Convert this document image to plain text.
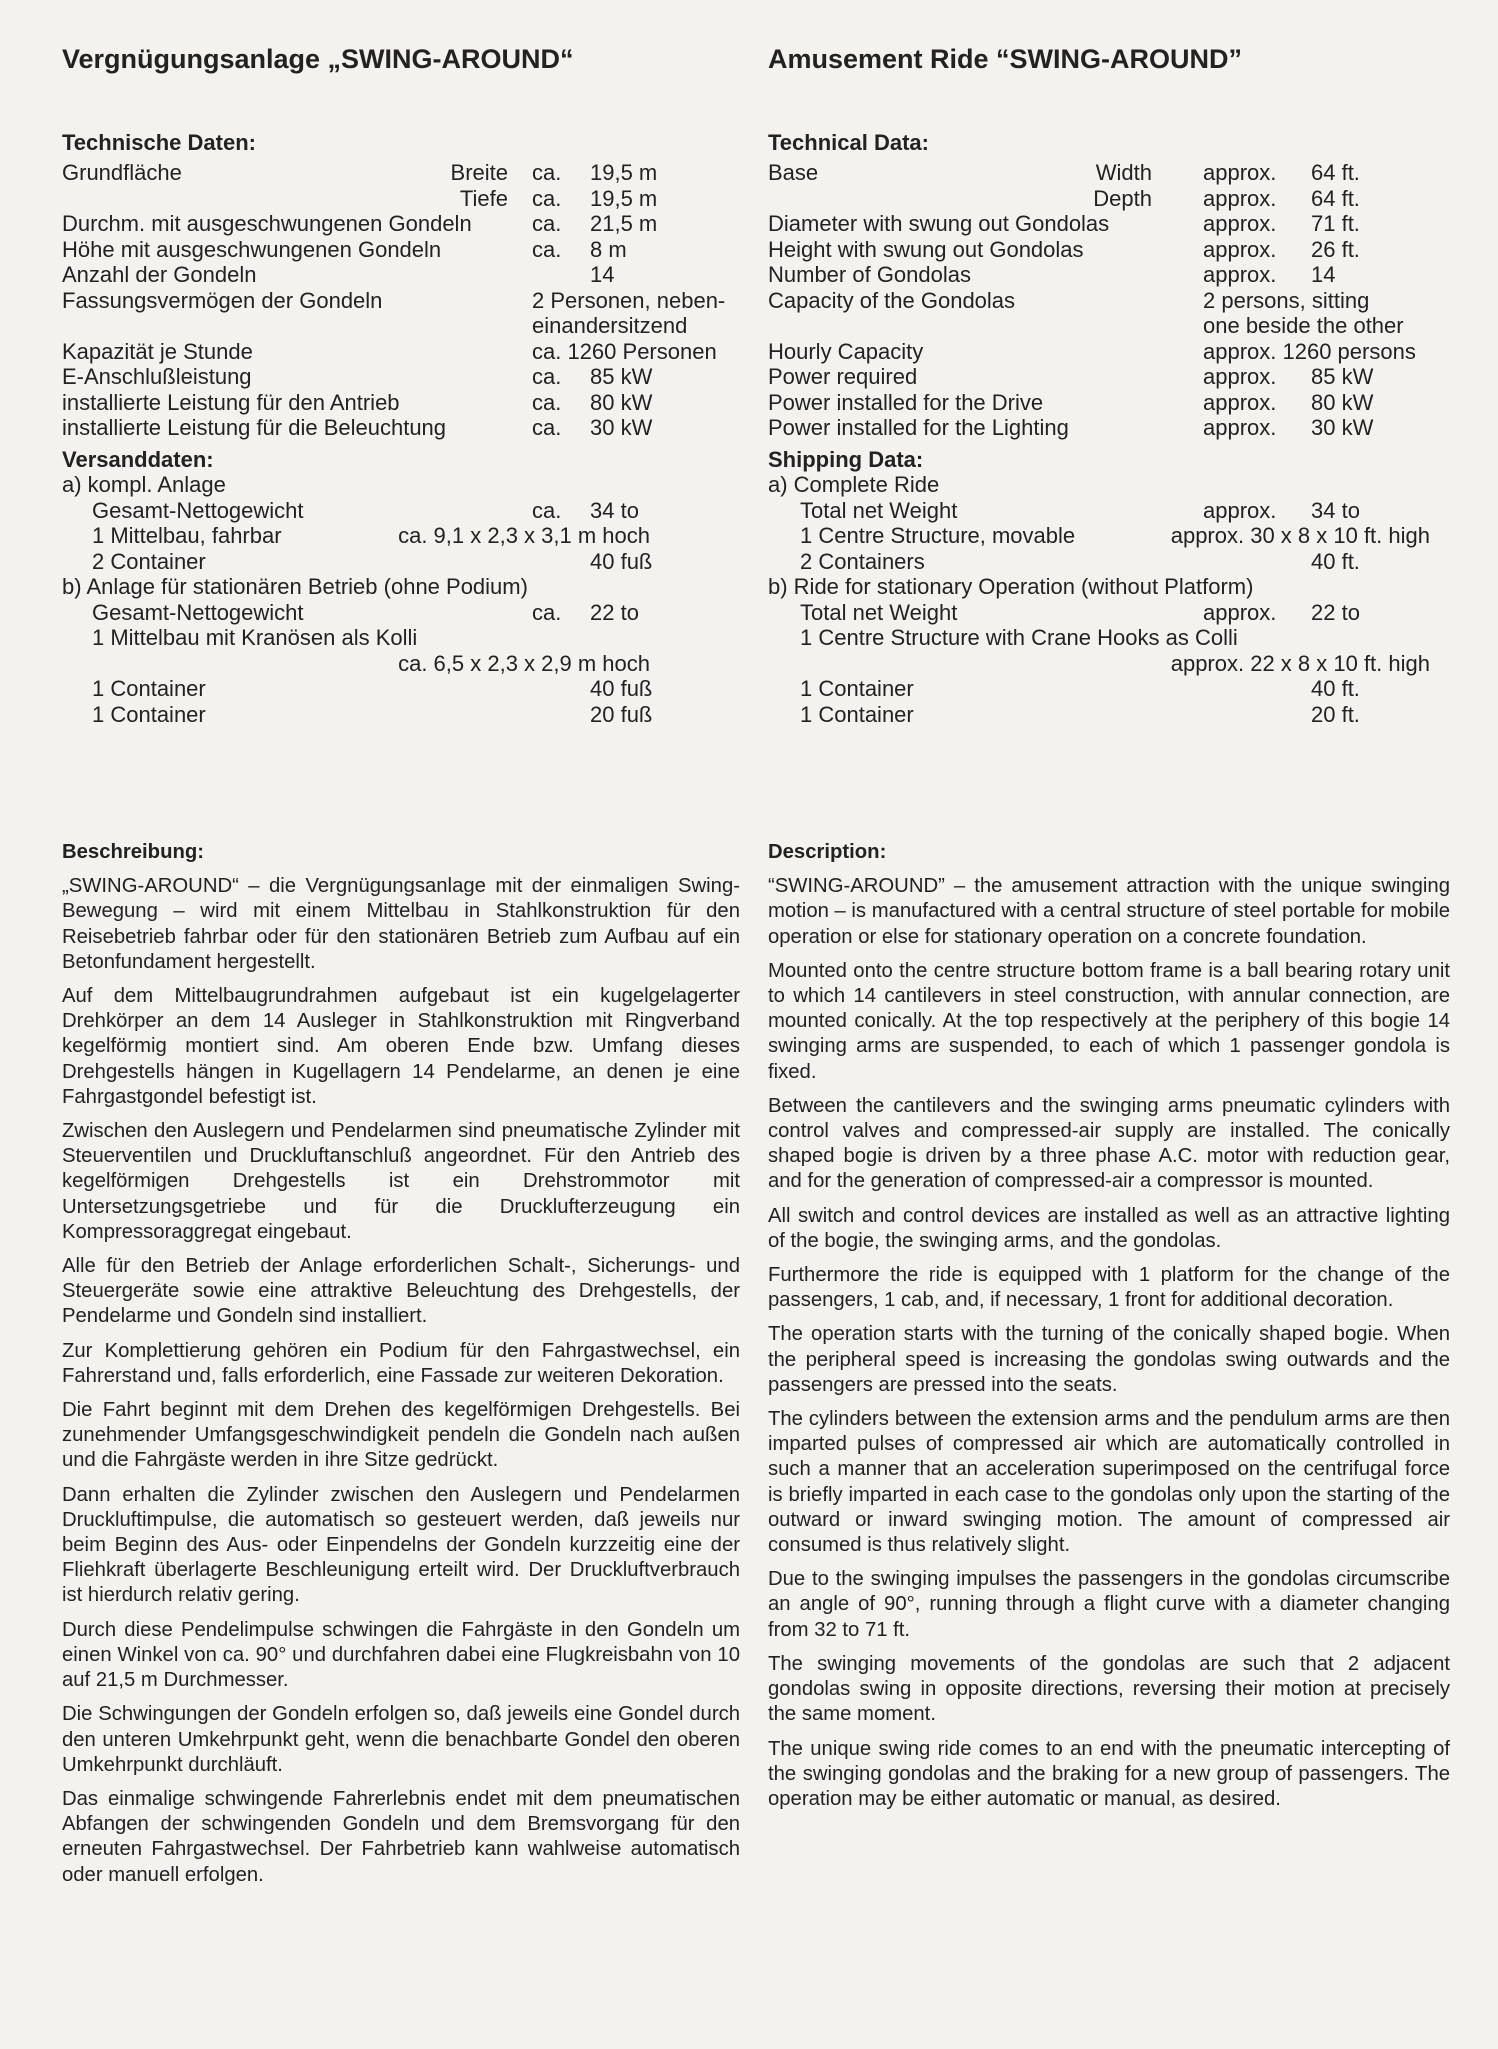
Vergnügungsanlage „SWING-AROUND“
Technische Daten:
Grundfläche	Breite ca. 19,5 m
Tiefe ca. 19,5 m
Durchm. mit ausgeschwungenen Gondeln	ca. 21,5 m
Höhe mit ausgeschwungenen Gondeln	ca. 8 m
Anzahl der Gondeln	14
Fassungsvermögen der Gondeln	2 Personen, neben-
einandersitzend
Kapazität je Stunde	ca. 1260 Personen
E-Anschlußleistung	ca. 85 kW
installierte Leistung für den Antrieb	ca. 80 kW
installierte Leistung für die Beleuchtung	ca. 30 kW
Versanddaten:
a) kompl. Anlage
Gesamt-Nettogewicht	ca. 34 to
1 Mittelbau, fahrbar	ca. 9,1 x 2,3 x 3,1 m hoch
2 Container	40 fuß
b) Anlage für stationären Betrieb (ohne Podium)
Gesamt-Nettogewicht	ca. 22 to
1 Mittelbau mit Kranösen als Kolli
ca. 6,5 x 2,3 x 2,9 m hoch
1 Container	40 fuß
1 Container	20 fuß

Beschreibung:

„SWING-AROUND“ – die Vergnügungsanlage mit der einmaligen Swing-Bewegung – wird mit einem Mittelbau in Stahlkonstruktion für den Reisebetrieb fahrbar oder für den stationären Betrieb zum Aufbau auf ein Betonfundament hergestellt.

Auf dem Mittelbaugrundrahmen aufgebaut ist ein kugelgelagerter Drehkörper an dem 14 Ausleger in Stahlkonstruktion mit Ringverband kegelförmig montiert sind. Am oberen Ende bzw. Umfang dieses Drehgestells hängen in Kugellagern 14 Pendelarme, an denen je eine Fahrgastgondel befestigt ist.

Zwischen den Auslegern und Pendelarmen sind pneumatische Zylinder mit Steuerventilen und Druckluftanschluß angeordnet. Für den Antrieb des kegelförmigen Drehgestells ist ein Drehstrommotor mit Untersetzungsgetriebe und für die Drucklufterzeugung ein Kompressoraggregat eingebaut.

Alle für den Betrieb der Anlage erforderlichen Schalt-, Sicherungs- und Steuergeräte sowie eine attraktive Beleuchtung des Drehgestells, der Pendelarme und Gondeln sind installiert.

Zur Komplettierung gehören ein Podium für den Fahrgastwechsel, ein Fahrerstand und, falls erforderlich, eine Fassade zur weiteren Dekoration.

Die Fahrt beginnt mit dem Drehen des kegelförmigen Drehgestells. Bei zunehmender Umfangsgeschwindigkeit pendeln die Gondeln nach außen und die Fahrgäste werden in ihre Sitze gedrückt.

Dann erhalten die Zylinder zwischen den Auslegern und Pendelarmen Druckluftimpulse, die automatisch so gesteuert werden, daß jeweils nur beim Beginn des Aus- oder Einpendelns der Gondeln kurzzeitig eine der Fliehkraft überlagerte Beschleunigung erteilt wird. Der Druckluftverbrauch ist hierdurch relativ gering.

Durch diese Pendelimpulse schwingen die Fahrgäste in den Gondeln um einen Winkel von ca. 90° und durchfahren dabei eine Flugkreisbahn von 10 auf 21,5 m Durchmesser.

Die Schwingungen der Gondeln erfolgen so, daß jeweils eine Gondel durch den unteren Umkehrpunkt geht, wenn die benachbarte Gondel den oberen Umkehrpunkt durchläuft.

Das einmalige schwingende Fahrerlebnis endet mit dem pneumatischen Abfangen der schwingenden Gondeln und dem Bremsvorgang für den erneuten Fahrgastwechsel. Der Fahrbetrieb kann wahlweise automatisch oder manuell erfolgen.

Amusement Ride “SWING-AROUND”
Technical Data:
Base	Width approx. 64 ft.
Depth approx. 64 ft.
Diameter with swung out Gondolas	approx. 71 ft.
Height with swung out Gondolas	approx. 26 ft.
Number of Gondolas	approx. 14
Capacity of the Gondolas	2 persons, sitting
one beside the other
Hourly Capacity	approx. 1260 persons
Power required	approx. 85 kW
Power installed for the Drive	approx. 80 kW
Power installed for the Lighting	approx. 30 kW
Shipping Data:
a) Complete Ride
Total net Weight	approx. 34 to
1 Centre Structure, movable	approx. 30 x 8 x 10 ft. high
2 Containers	40 ft.
b) Ride for stationary Operation (without Platform)
Total net Weight	approx. 22 to
1 Centre Structure with Crane Hooks as Colli
approx. 22 x 8 x 10 ft. high
1 Container	40 ft.
1 Container	20 ft.

Description:

“SWING-AROUND” – the amusement attraction with the unique swinging motion – is manufactured with a central structure of steel portable for mobile operation or else for stationary operation on a concrete foundation.

Mounted onto the centre structure bottom frame is a ball bearing rotary unit to which 14 cantilevers in steel construction, with annular connection, are mounted conically. At the top respectively at the periphery of this bogie 14 swinging arms are suspended, to each of which 1 passenger gondola is fixed.

Between the cantilevers and the swinging arms pneumatic cylinders with control valves and compressed-air supply are installed. The conically shaped bogie is driven by a three phase A.C. motor with reduction gear, and for the generation of compressed-air a compressor is mounted.

All switch and control devices are installed as well as an attractive lighting of the bogie, the swinging arms, and the gondolas.

Furthermore the ride is equipped with 1 platform for the change of the passengers, 1 cab, and, if necessary, 1 front for additional decoration.

The operation starts with the turning of the conically shaped bogie. When the peripheral speed is increasing the gondolas swing outwards and the passengers are pressed into the seats.

The cylinders between the extension arms and the pendulum arms are then imparted pulses of compressed air which are automatically controlled in such a manner that an acceleration superimposed on the centrifugal force is briefly imparted in each case to the gondolas only upon the starting of the outward or inward swinging motion. The amount of compressed air consumed is thus relatively slight.

Due to the swinging impulses the passengers in the gondolas circumscribe an angle of 90°, running through a flight curve with a diameter changing from 32 to 71 ft.

The swinging movements of the gondolas are such that 2 adjacent gondolas swing in opposite directions, reversing their motion at precisely the same moment.

The unique swing ride comes to an end with the pneumatic intercepting of the swinging gondolas and the braking for a new group of passengers. The operation may be either automatic or manual, as desired.
